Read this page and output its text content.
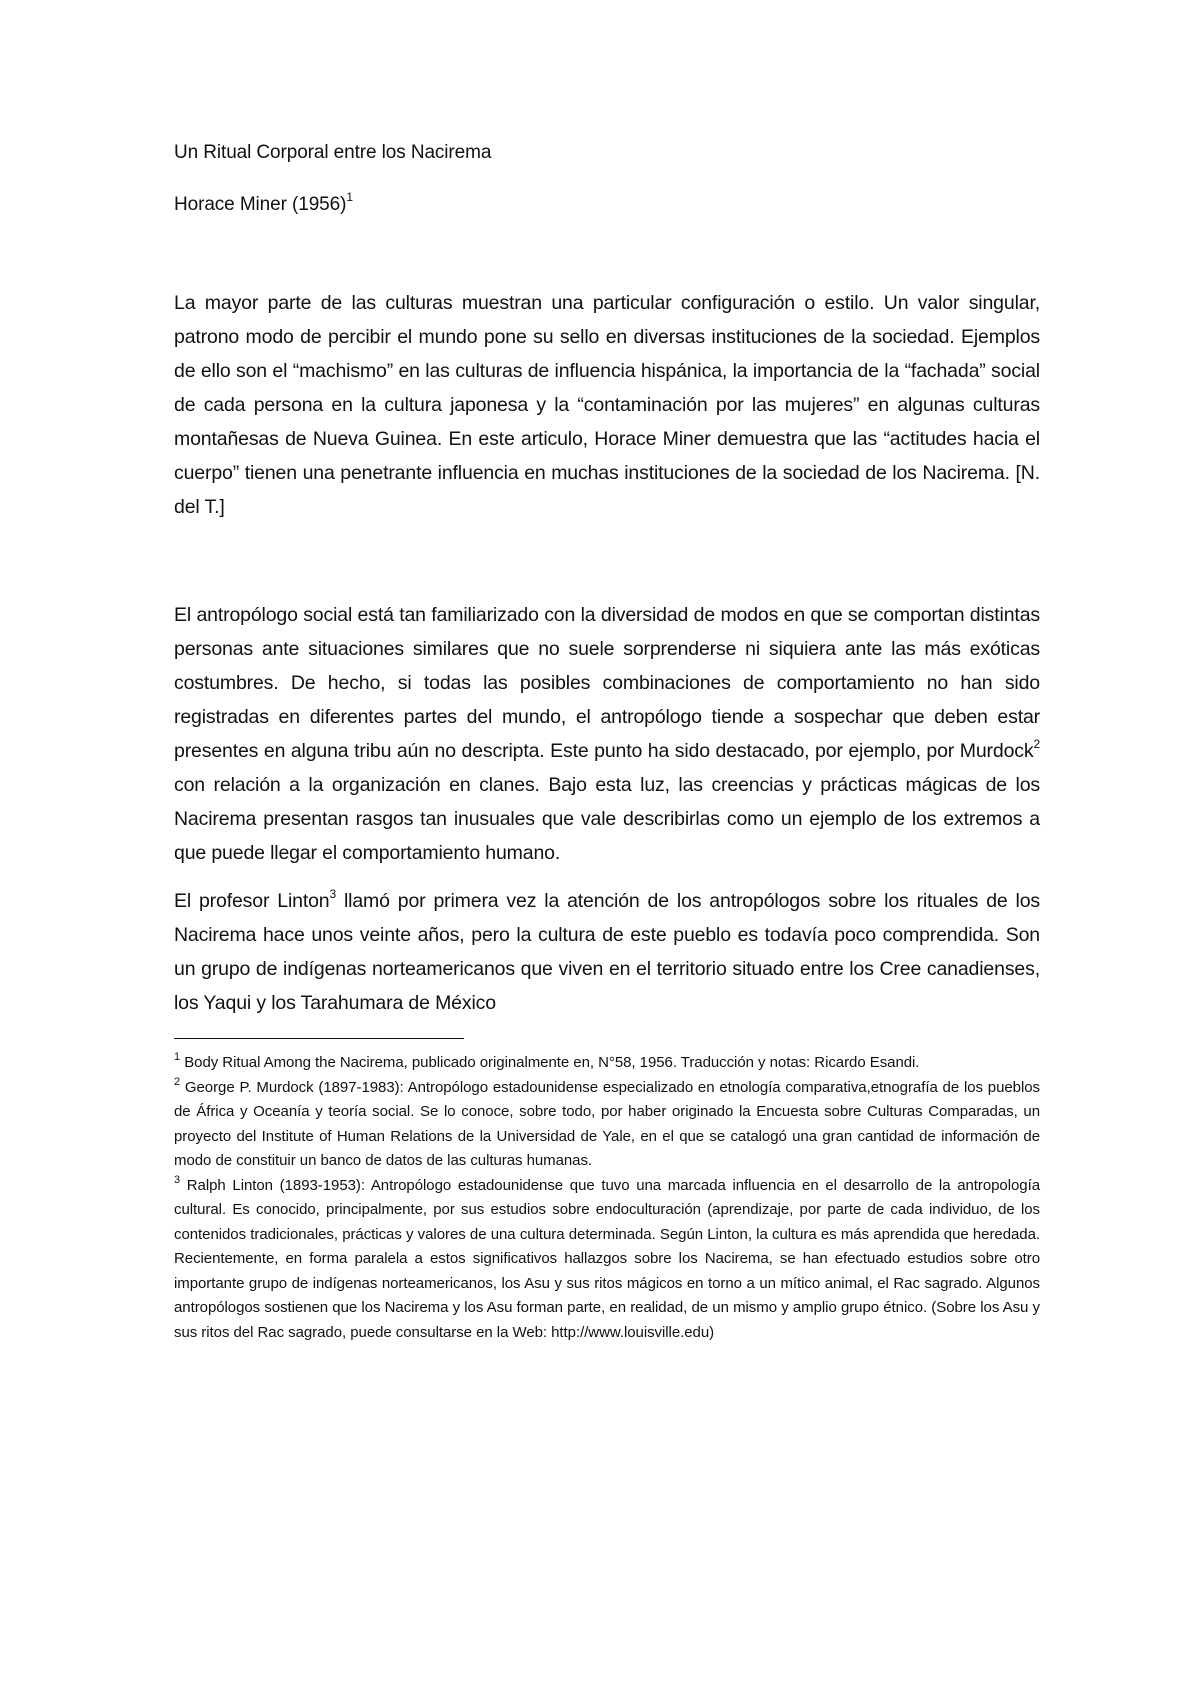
Un Ritual Corporal entre los Nacirema

Horace Miner $(1956)^1$

La mayor parte de las culturas muestran una particular configuración o estilo. Un valor singular, patrono modo de percibir el mundo pone su sello en diversas instituciones de la sociedad. Ejemplos de ello son el “machismo” en las culturas de influencia hispánica, la importancia de la “fachada” social de cada persona en la cultura japonesa y la “contaminación por las mujeres” en algunas culturas montañesas de Nueva Guinea. En este articulo, Horace Miner demuestra que las “actitudes hacia el cuerpo” tienen una penetrante influencia en muchas instituciones de la sociedad de los Nacirema. [N. del T.]

El antropólogo social está tan familiarizado con la diversidad de modos en que se comportan distintas personas ante situaciones similares que no suele sorprenderse ni siquiera ante las más exóticas costumbres. De hecho, si todas las posibles combinaciones de comportamiento no han sido registradas en diferentes partes del mundo, el antropólogo tiende a sospechar que deben estar presentes en alguna tribu aún no descripta. Este punto ha sido destacado, por ejemplo, por Murdock$^2$ con relación a la organización en clanes. Bajo esta luz, las creencias y prácticas mágicas de los Nacirema presentan rasgos tan inusuales que vale describirlas como un ejemplo de los extremos a que puede llegar el comportamiento humano.

El profesor Linton$^3$ llamó por primera vez la atención de los antropólogos sobre los rituales de los Nacirema hace unos veinte años, pero la cultura de este pueblo es todavía poco comprendida. Son un grupo de indígenas norteamericanos que viven en el territorio situado entre los Cree canadienses, los Yaqui y los Tarahumara de México

$^1$ Body Ritual Among the Nacirema, publicado originalmente en, N°58, 1956. Traducción y notas: Ricardo Esandi.

$^2$ George P. Murdock (1897-1983): Antropólogo estadounidense especializado en etnología comparativa,etnografía de los pueblos de África y Oceanía y teoría social. Se lo conoce, sobre todo, por haber originado la Encuesta sobre Culturas Comparadas, un proyecto del Institute of Human Relations de la Universidad de Yale, en el que se catalogó una gran cantidad de información de modo de constituir un banco de datos de las culturas humanas.

$^3$ Ralph Linton (1893-1953): Antropólogo estadounidense que tuvo una marcada influencia en el desarrollo de la antropología cultural. Es conocido, principalmente, por sus estudios sobre endoculturación (aprendizaje, por parte de cada individuo, de los contenidos tradicionales, prácticas y valores de una cultura determinada. Según Linton, la cultura es más aprendida que heredada. Recientemente, en forma paralela a estos significativos hallazgos sobre los Nacirema, se han efectuado estudios sobre otro importante grupo de indígenas norteamericanos, los Asu y sus ritos mágicos en torno a un mítico animal, el Rac sagrado. Algunos antropólogos sostienen que los Nacirema y los Asu forman parte, en realidad, de un mismo y amplio grupo étnico. (Sobre los Asu y sus ritos del Rac sagrado, puede consultarse en la Web: http://www.louisville.edu)
